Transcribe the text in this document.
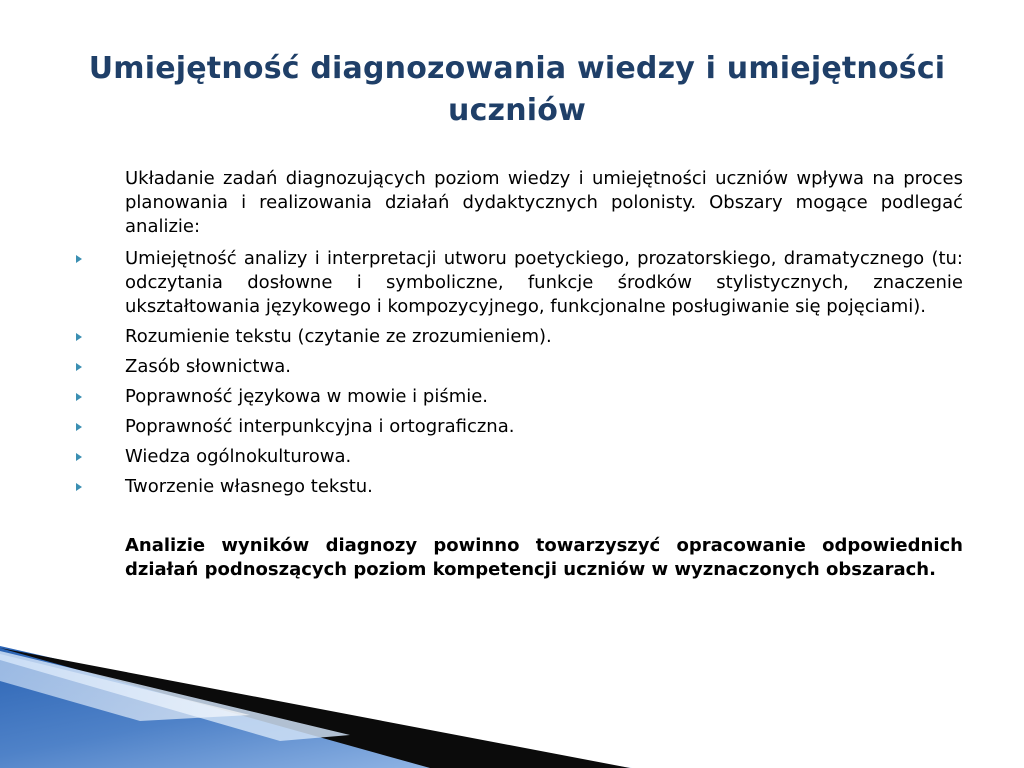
Umiejętność diagnozowania wiedzy i umiejętności uczniów

Układanie zadań diagnozujących poziom wiedzy i umiejętności uczniów wpływa na proces planowania i realizowania działań dydaktycznych polonisty. Obszary mogące podlegać analizie:

Umiejętność analizy i interpretacji utworu poetyckiego, prozatorskiego, dramatycznego (tu: odczytania dosłowne i symboliczne, funkcje środków stylistycznych, znaczenie ukształtowania językowego i kompozycyjnego, funkcjonalne posługiwanie się pojęciami).
Rozumienie tekstu (czytanie ze zrozumieniem).
Zasób słownictwa.
Poprawność językowa w mowie i piśmie.
Poprawność interpunkcyjna i ortograficzna.
Wiedza ogólnokulturowa.
Tworzenie własnego tekstu.

Analizie wyników diagnozy powinno towarzyszyć opracowanie odpowiednich działań podnoszących poziom kompetencji uczniów w wyznaczonych obszarach.
